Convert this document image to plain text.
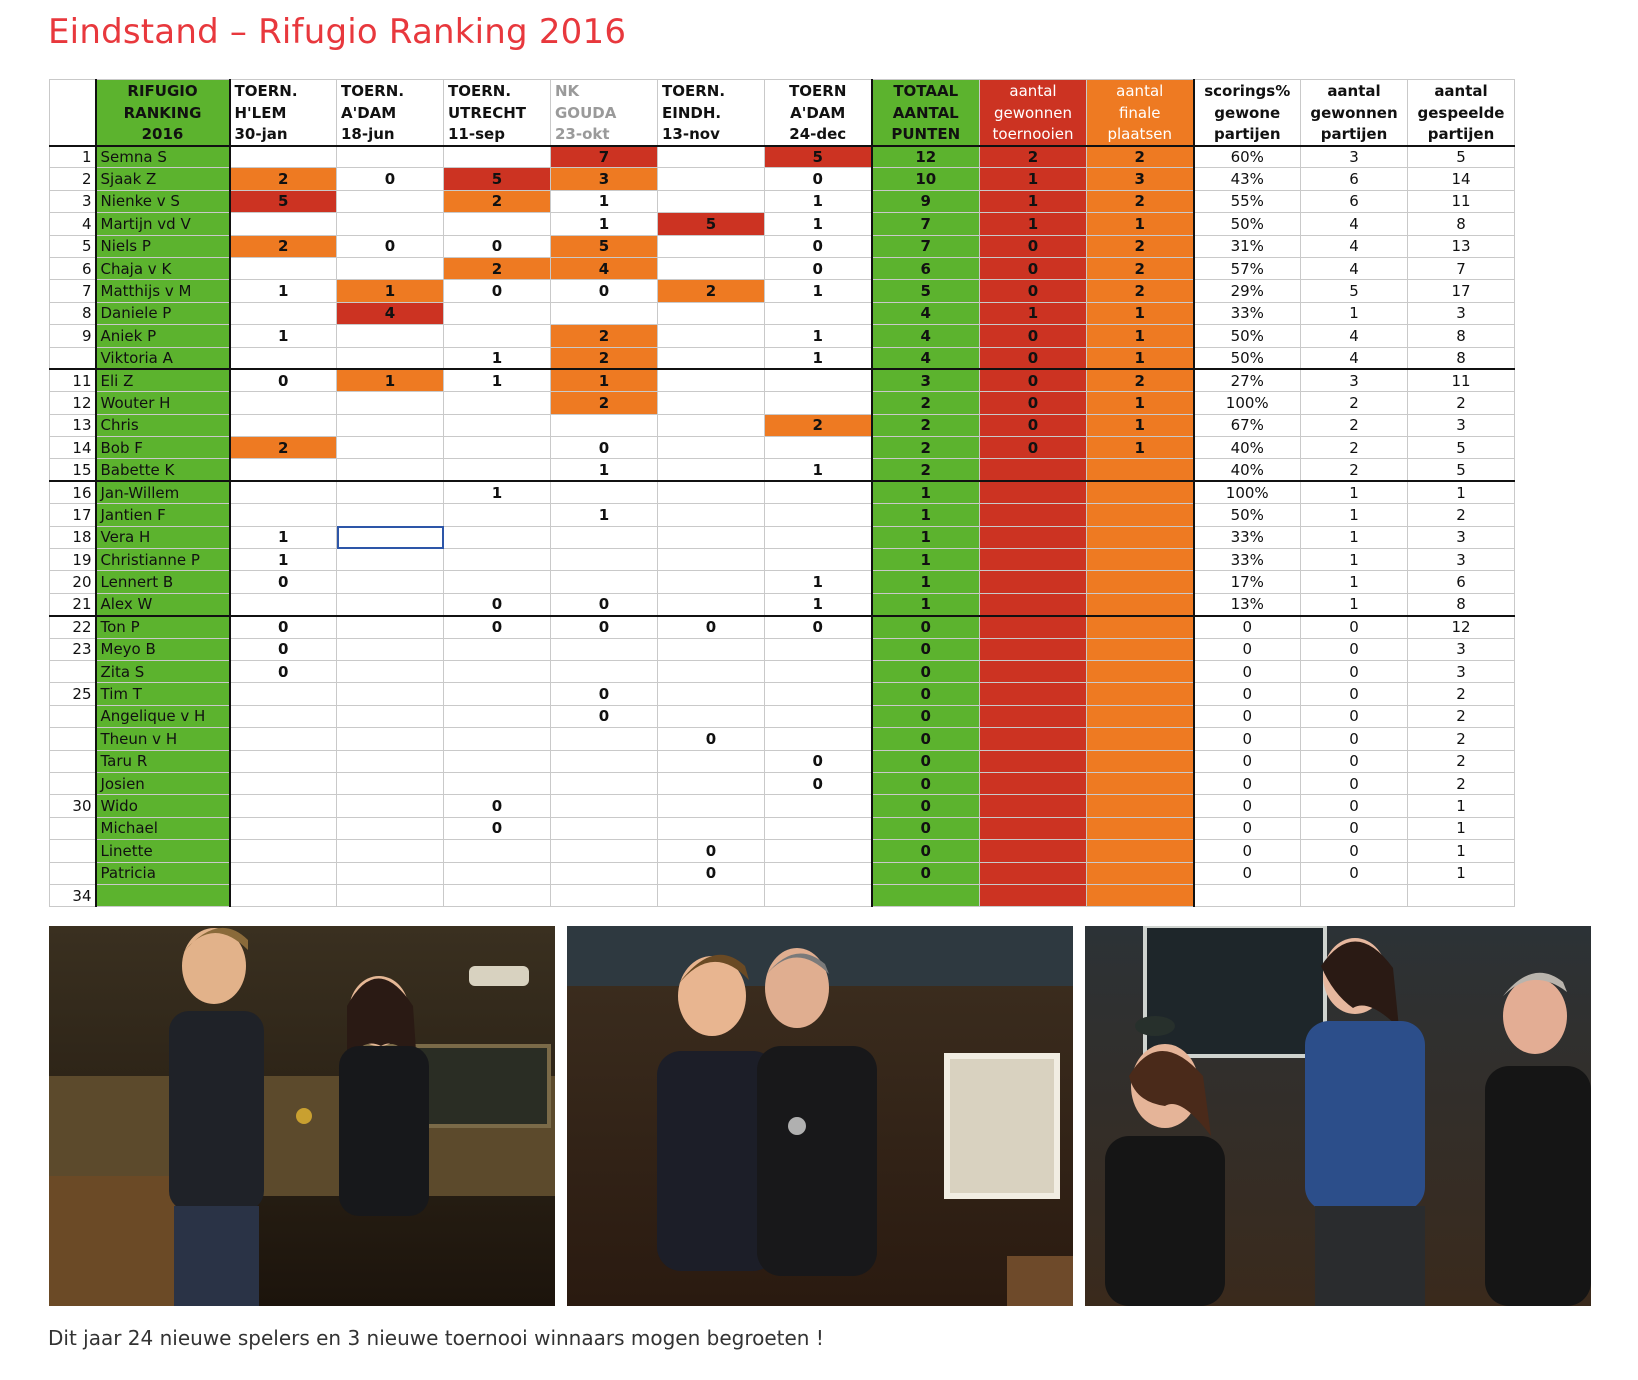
Eindstand – Rifugio Ranking 2016
	RIFUGIO	TOERN.	TOERN.	TOERN.	NK	TOERN.	TOERN	TOTAAL	aantal	aantal	scorings%	aantal	aantal
	RANKING	H'LEM	A'DAM	UTRECHT	GOUDA	EINDH.	A'DAM	AANTAL	gewonnen	finale	gewone	gewonnen	gespeelde
	2016	30-jan	18-jun	11-sep	23-okt	13-nov	24-dec	PUNTEN	toernooien	plaatsen	partijen	partijen	partijen
1	Semna S				7		5	12	2	2	60%	3	5
2	Sjaak Z	2	0	5	3		0	10	1	3	43%	6	14
3	Nienke v S	5		2	1		1	9	1	2	55%	6	11
4	Martijn vd V				1	5	1	7	1	1	50%	4	8
5	Niels P	2	0	0	5		0	7	0	2	31%	4	13
6	Chaja v K			2	4		0	6	0	2	57%	4	7
7	Matthijs v M	1	1	0	0	2	1	5	0	2	29%	5	17
8	Daniele P		4					4	1	1	33%	1	3
9	Aniek P	1			2		1	4	0	1	50%	4	8
	Viktoria A			1	2		1	4	0	1	50%	4	8
11	Eli Z	0	1	1	1			3	0	2	27%	3	11
12	Wouter H				2			2	0	1	100%	2	2
13	Chris						2	2	0	1	67%	2	3
14	Bob F	2			0			2	0	1	40%	2	5
15	Babette K				1		1	2			40%	2	5
16	Jan-Willem			1				1			100%	1	1
17	Jantien F				1			1			50%	1	2
18	Vera H	1						1			33%	1	3
19	Christianne P	1						1			33%	1	3
20	Lennert B	0					1	1			17%	1	6
21	Alex W			0	0		1	1			13%	1	8
22	Ton P	0		0	0	0	0	0			0	0	12
23	Meyo B	0						0			0	0	3
	Zita S	0						0			0	0	3
25	Tim T				0			0			0	0	2
	Angelique v H				0			0			0	0	2
	Theun v H					0		0			0	0	2
	Taru R						0	0			0	0	2
	Josien						0	0			0	0	2
30	Wido			0				0			0	0	1
	Michael			0				0			0	0	1
	Linette					0		0			0	0	1
	Patricia					0		0			0	0	1
34													
Dit jaar 24 nieuwe spelers en 3 nieuwe toernooi winnaars mogen begroeten !
